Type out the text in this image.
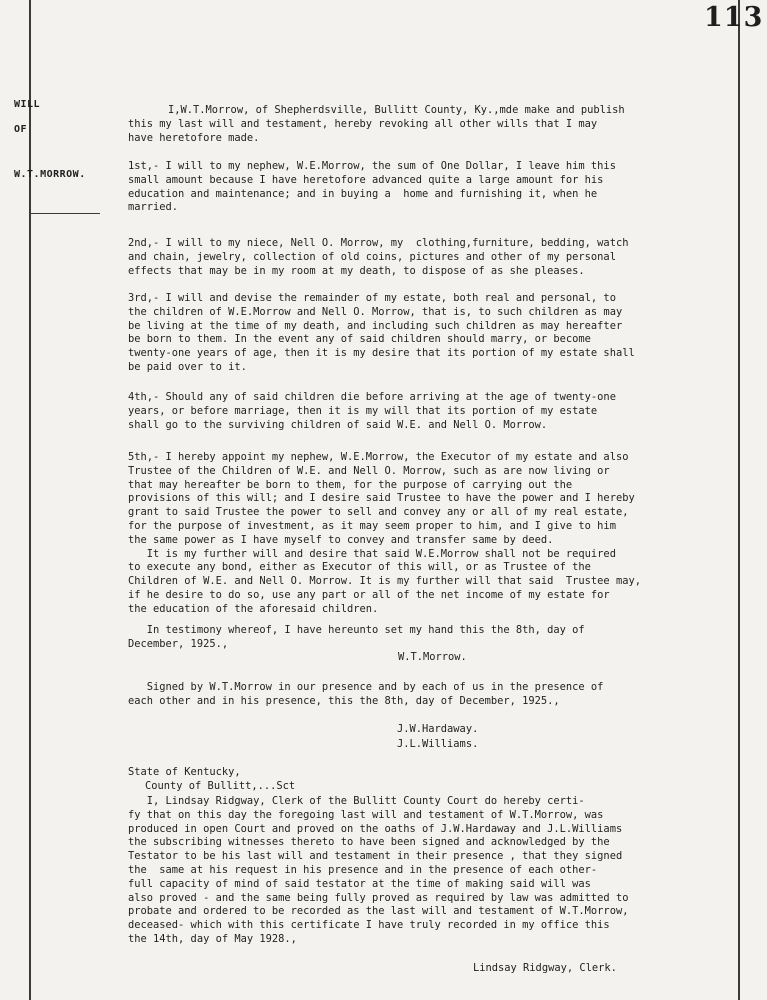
113
WILL
OF
W.T.MORROW.
I,W.T.Morrow, of Shepherdsville, Bullitt County, Ky.,mde make and publish
this my last will and testament, hereby revoking all other wills that I may
have heretofore made.
1st,- I will to my nephew, W.E.Morrow, the sum of One Dollar, I leave him this
small amount because I have heretofore advanced quite a large amount for his
education and maintenance; and in buying a  home and furnishing it, when he
married.
2nd,- I will to my niece, Nell O. Morrow, my  clothing,furniture, bedding, watch
and chain, jewelry, collection of old coins, pictures and other of my personal
effects that may be in my room at my death, to dispose of as she pleases.
3rd,- I will and devise the remainder of my estate, both real and personal, to
the children of W.E.Morrow and Nell O. Morrow, that is, to such children as may
be living at the time of my death, and including such children as may hereafter
be born to them. In the event any of said children should marry, or become
twenty-one years of age, then it is my desire that its portion of my estate shall
be paid over to it.
4th,- Should any of said children die before arriving at the age of twenty-one
years, or before marriage, then it is my will that its portion of my estate
shall go to the surviving children of said W.E. and Nell O. Morrow.
5th,- I hereby appoint my nephew, W.E.Morrow, the Executor of my estate and also
Trustee of the Children of W.E. and Nell O. Morrow, such as are now living or
that may hereafter be born to them, for the purpose of carrying out the
provisions of this will; and I desire said Trustee to have the power and I hereby
grant to said Trustee the power to sell and convey any or all of my real estate,
for the purpose of investment, as it may seem proper to him, and I give to him
the same power as I have myself to convey and transfer same by deed.
It is my further will and desire that said W.E.Morrow shall not be required
to execute any bond, either as Executor of this will, or as Trustee of the
Children of W.E. and Nell O. Morrow. It is my further will that said  Trustee may,
if he desire to do so, use any part or all of the net income of my estate for
the education of the aforesaid children.
In testimony whereof, I have hereunto set my hand this the 8th, day of
December, 1925.,
W.T.Morrow.
Signed by W.T.Morrow in our presence and by each of us in the presence of
each other and in his presence, this the 8th, day of December, 1925.,
J.W.Hardaway.
J.L.Williams.
State of Kentucky,
County of Bullitt,...Sct
I, Lindsay Ridgway, Clerk of the Bullitt County Court do hereby certi-
fy that on this day the foregoing last will and testament of W.T.Morrow, was
produced in open Court and proved on the oaths of J.W.Hardaway and J.L.Williams
the subscribing witnesses thereto to have been signed and acknowledged by the
Testator to be his last will and testament in their presence , that they signed
the  same at his request in his presence and in the presence of each other-
full capacity of mind of said testator at the time of making said will was
also proved - and the same being fully proved as required by law was admitted to
probate and ordered to be recorded as the last will and testament of W.T.Morrow,
deceased- which with this certificate I have truly recorded in my office this
the 14th, day of May 1928.,
Lindsay Ridgway, Clerk.
